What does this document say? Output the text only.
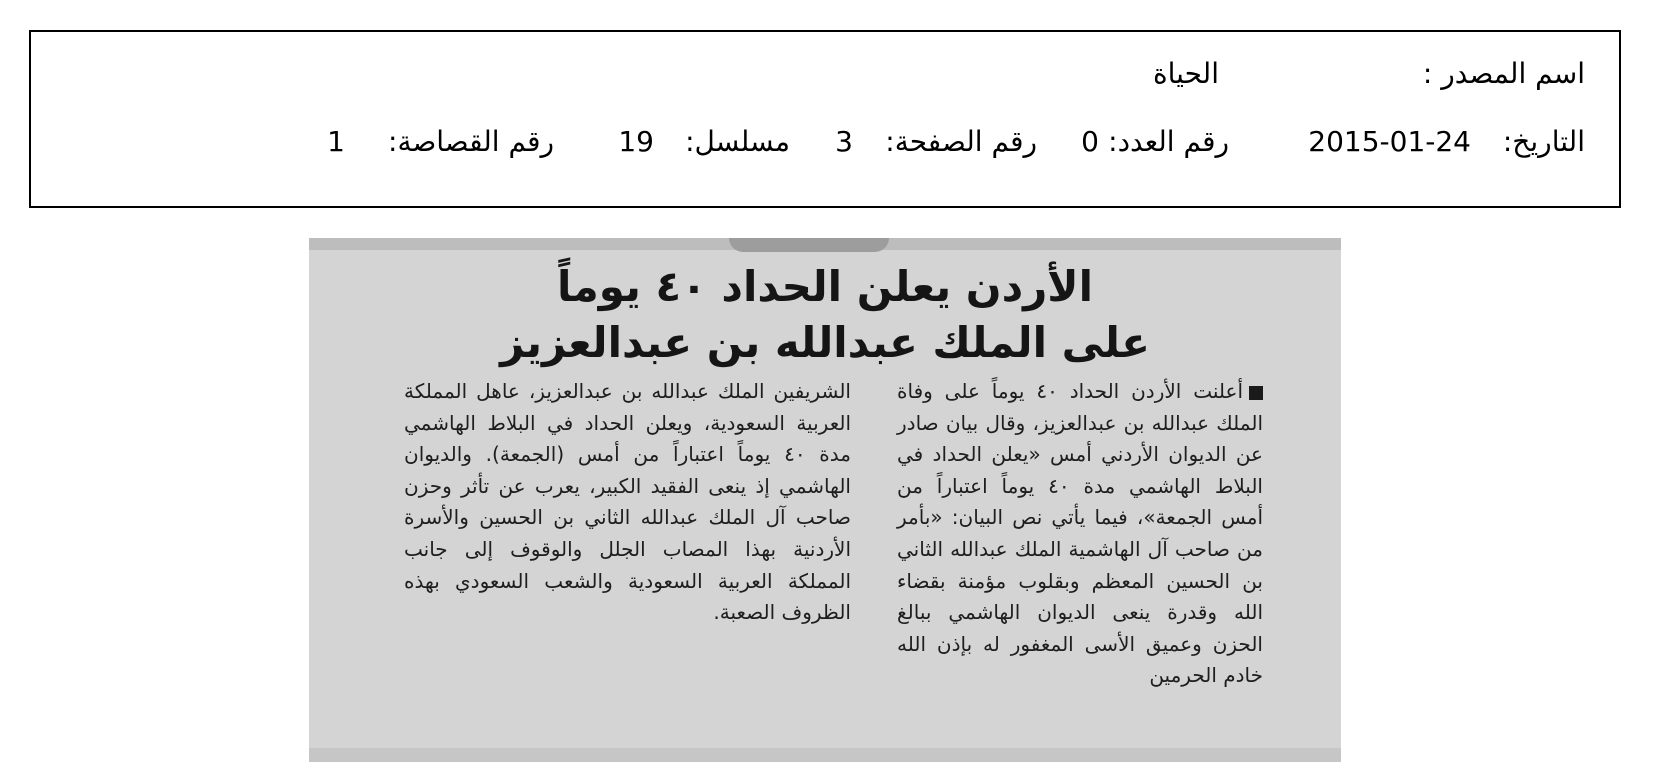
اسم المصدر :
الحياة
التاريخ:
2015-01-24
رقم العدد:
0
رقم الصفحة:
3
مسلسل:
19
رقم القصاصة:
1
الأردن يعلن الحداد ٤٠ يوماً
على الملك عبدالله بن عبدالعزيز

أعلنت الأردن الحداد ٤٠ يوماً على وفاة الملك عبدالله بن عبدالعزيز، وقال بيان صادر عن الديوان الأردني أمس «يعلن الحداد في البلاط الهاشمي مدة ٤٠ يوماً اعتباراً من أمس الجمعة»، فيما يأتي نص البيان: «بأمر من صاحب آل الهاشمية الملك عبدالله الثاني بن الحسين المعظم وبقلوب مؤمنة بقضاء الله وقدرة ينعى الديوان الهاشمي ببالغ الحزن وعميق الأسى المغفور له بإذن الله خادم الحرمين

الشريفين الملك عبدالله بن عبدالعزيز، عاهل المملكة العربية السعودية، ويعلن الحداد في البلاط الهاشمي مدة ٤٠ يوماً اعتباراً من أمس (الجمعة). والديوان الهاشمي إذ ينعى الفقيد الكبير، يعرب عن تأثر وحزن صاحب آل الملك عبدالله الثاني بن الحسين والأسرة الأردنية بهذا المصاب الجلل والوقوف إلى جانب المملكة العربية السعودية والشعب السعودي بهذه الظروف الصعبة.
